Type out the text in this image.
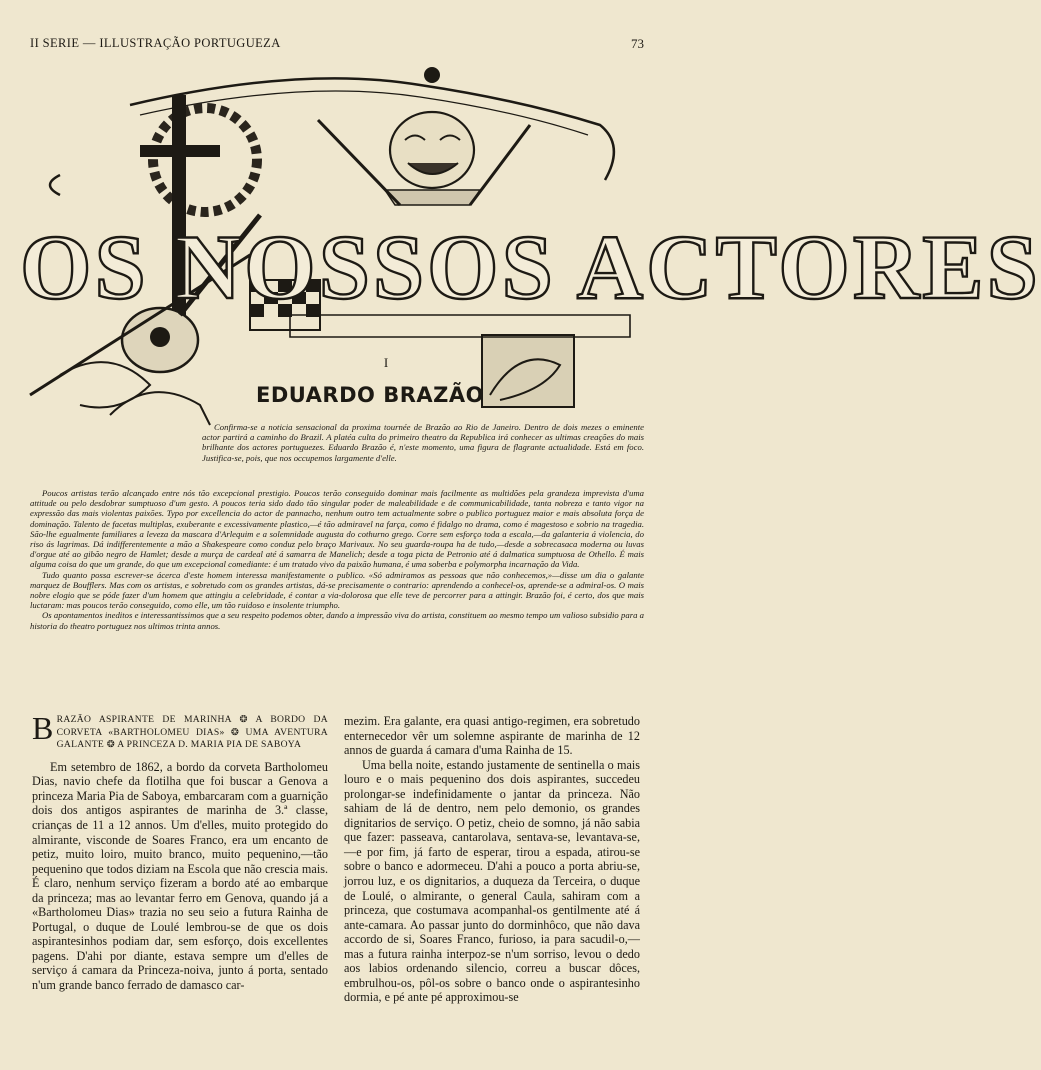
II SERIE — ILLUSTRAÇÃO PORTUGUEZA	73
OS NOSSOS ACTORES
I
EDUARDO BRAZÃO

Confirma-se a noticia sensacional da proxima tournée de Brazão ao Rio de Janeiro. Dentro de dois mezes o eminente actor partirá a caminho do Brazil. A platéa culta do primeiro theatro da Republica irá conhecer as ultimas creações do mais brilhante dos actores portuguezes. Eduardo Brazão é, n'este momento, uma figura de flagrante actualidade. Está em foco. Justifica-se, pois, que nos occupemos largamente d'elle.

Poucos artistas terão alcançado entre nós tão excepcional prestigio. Poucos terão conseguido dominar mais facilmente as multidões pela grandeza imprevista d'uma attitude ou pelo desdobrar sumptuoso d'um gesto. A poucos teria sido dado tão singular poder de maleabilidade e de communicabilidade, tanta nobreza e tanto vigor na expressão das mais violentas paixões. Typo por excellencia do actor de pannacho, nenhum outro tem actualmente sobre o publico portuguez maior e mais absoluta força de dominação. Talento de facetas multiplas, exuberante e excessivamente plastico,—é tão admiravel na farça, como é fidalgo no drama, como é magestoso e sobrio na tragedia. São-lhe egualmente familiares a leveza da mascara d'Arlequim e a solemnidade augusta do cothurno grego. Corre sem esforço toda a escala,—da galanteria á violencia, do riso ás lagrimas. Dá indifferentemente a mão a Shakespeare como conduz pelo braço Marivaux. No seu guarda-roupa ha de tudo,—desde a sobrecasaca moderna ou luvas d'orgue até ao gibão negro de Hamlet; desde a murça de cardeal até á samarra de Manelich; desde a toga picta de Petronio até á dalmatica sumptuosa de Othello. É mais alguma coisa do que um grande, do que um excepcional comediante: é um tratado vivo da paixão humana, é uma soberba e polymorpha incarnação da Vida.

Tudo quanto possa escrever-se ácerca d'este homem interessa manifestamente o publico. «Só admiramos as pessoas que não conhecemos,»—disse um dia o galante marquez de Boufflers. Mas com os artistas, e sobretudo com os grandes artistas, dá-se precisamente o contrario: aprendendo a conhecel-os, aprende-se a admiral-os. O mais nobre elogio que se póde fazer d'um homem que attingiu a celebridade, é contar a via-dolorosa que elle teve de percorrer para a attingir. Brazão foi, é certo, dos que mais luctaram: mas poucos terão conseguido, como elle, um tão ruidoso e insolente triumpho.

Os apontamentos ineditos e interessantissimos que a seu respeito podemos obter, dando a impressão viva do artista, constituem ao mesmo tempo um valioso subsidio para a historia do theatro portuguez nos ultimos trinta annos.

B RAZÃO ASPIRANTE DE MARINHA ❂ A BORDO DA CORVETA «BARTHOLOMEU DIAS» ❂ UMA AVENTURA GALANTE ❂ A PRINCEZA D. MARIA PIA DE SABOYA

Em setembro de 1862, a bordo da corveta Bartholomeu Dias, navio chefe da flotilha que foi buscar a Genova a princeza Maria Pia de Saboya, embarcaram com a guarnição dois dos antigos aspirantes de marinha de 3.ª classe, crianças de 11 a 12 annos. Um d'elles, muito protegido do almirante, visconde de Soares Franco, era um encanto de petiz, muito loiro, muito branco, muito pequenino,—tão pequenino que todos diziam na Escola que não crescia mais. É claro, nenhum serviço fizeram a bordo até ao embarque da princeza; mas ao levantar ferro em Genova, quando já a «Bartholomeu Dias» trazia no seu seio a futura Rainha de Portugal, o duque de Loulé lembrou-se de que os dois aspirantesinhos podiam dar, sem esforço, dois excellentes pagens. D'ahi por diante, estava sempre um d'elles de serviço á camara da Princeza-noiva, junto á porta, sentado n'um grande banco ferrado de damasco car-

mezim. Era galante, era quasi antigo-regimen, era sobretudo enternecedor vêr um solemne aspirante de marinha de 12 annos de guarda á camara d'uma Rainha de 15.

Uma bella noite, estando justamente de sentinella o mais louro e o mais pequenino dos dois aspirantes, succedeu prolongar-se indefinidamente o jantar da princeza. Não sahiam de lá de dentro, nem pelo demonio, os grandes dignitarios de serviço. O petiz, cheio de somno, já não sabia que fazer: passeava, cantarolava, sentava-se, levantava-se,—e por fim, já farto de esperar, tirou a espada, atirou-se sobre o banco e adormeceu. D'ahi a pouco a porta abriu-se, jorrou luz, e os dignitarios, a duqueza da Terceira, o duque de Loulé, o almirante, o general Caula, sahiram com a princeza, que costumava acompanhal-os gentilmente até á ante-camara. Ao passar junto do dorminhôco, que não dava accordo de si, Soares Franco, furioso, ia para sacudil-o,—mas a futura rainha interpoz-se n'um sorriso, levou o dedo aos labios ordenando silencio, correu a buscar dôces, embrulhou-os, pôl-os sobre o banco onde o aspirantesinho dormia, e pé ante pé approximou-se
